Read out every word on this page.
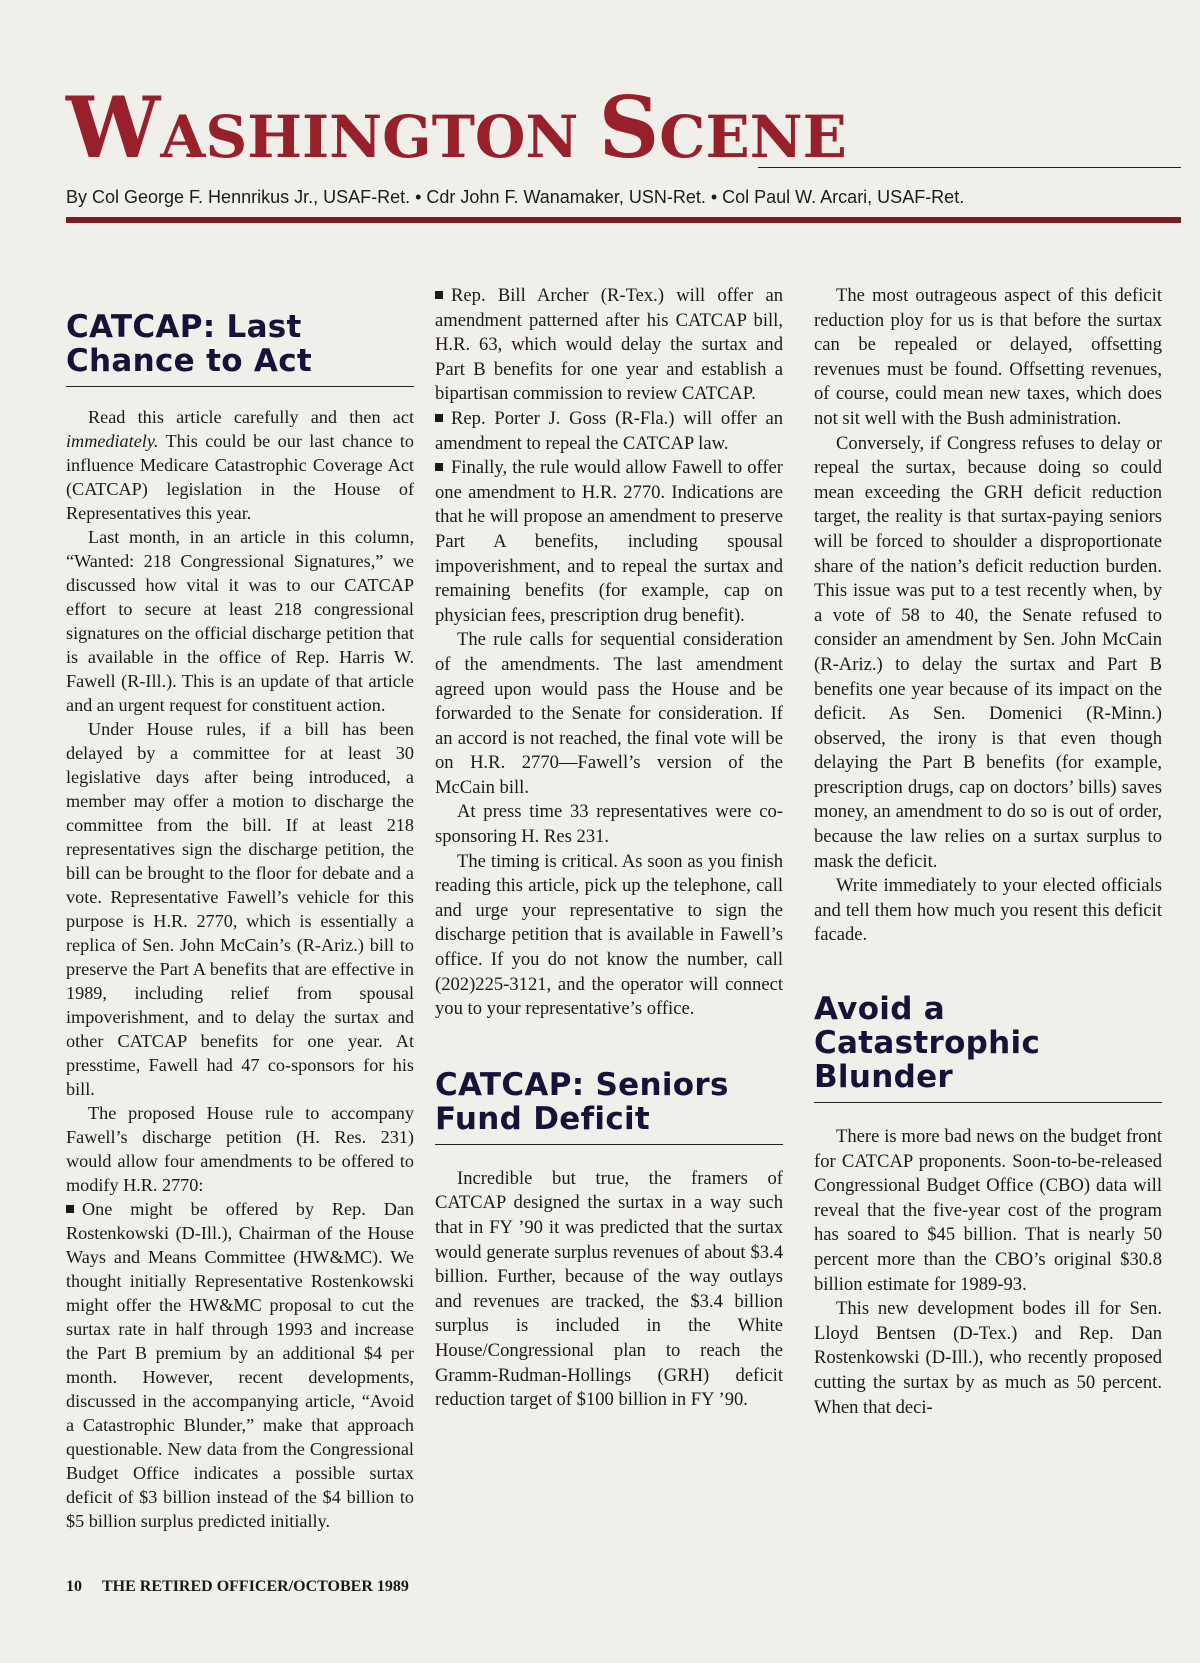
WASHINGTON SCENE
By Col George F. Hennrikus Jr., USAF-Ret. • Cdr John F. Wanamaker, USN-Ret. • Col Paul W. Arcari, USAF-Ret.
CATCAP: Last Chance to Act

Read this article carefully and then act immediately. This could be our last chance to influence Medicare Catastrophic Coverage Act (CATCAP) legislation in the House of Representatives this year.

Last month, in an article in this column, “Wanted: 218 Congressional Signatures,” we discussed how vital it was to our CATCAP effort to secure at least 218 congressional signatures on the official discharge petition that is available in the office of Rep. Harris W. Fawell (R-Ill.). This is an update of that article and an urgent request for constituent action.

Under House rules, if a bill has been delayed by a committee for at least 30 legislative days after being introduced, a member may offer a motion to discharge the committee from the bill. If at least 218 representatives sign the discharge petition, the bill can be brought to the floor for debate and a vote. Representative Fawell’s vehicle for this purpose is H.R. 2770, which is essentially a replica of Sen. John McCain’s (R-Ariz.) bill to preserve the Part A benefits that are effective in 1989, including relief from spousal impoverishment, and to delay the surtax and other CATCAP benefits for one year. At presstime, Fawell had 47 co-sponsors for his bill.

The proposed House rule to accompany Fawell’s discharge petition (H. Res. 231) would allow four amendments to be offered to modify H.R. 2770:

One might be offered by Rep. Dan Rostenkowski (D-Ill.), Chairman of the House Ways and Means Committee (HW&MC). We thought initially Representative Rostenkowski might offer the HW&MC proposal to cut the surtax rate in half through 1993 and increase the Part B premium by an additional $4 per month. However, recent developments, discussed in the accompanying article, “Avoid a Catastrophic Blunder,” make that approach questionable. New data from the Congressional Budget Office indicates a possible surtax deficit of $3 billion instead of the $4 billion to $5 billion surplus predicted initially.

Rep. Bill Archer (R-Tex.) will offer an amendment patterned after his CATCAP bill, H.R. 63, which would delay the surtax and Part B benefits for one year and establish a bipartisan commission to review CATCAP.

Rep. Porter J. Goss (R-Fla.) will offer an amendment to repeal the CATCAP law.

Finally, the rule would allow Fawell to offer one amendment to H.R. 2770. Indications are that he will propose an amendment to preserve Part A benefits, including spousal impoverishment, and to repeal the surtax and remaining benefits (for example, cap on physician fees, prescription drug benefit).

The rule calls for sequential consideration of the amendments. The last amendment agreed upon would pass the House and be forwarded to the Senate for consideration. If an accord is not reached, the final vote will be on H.R. 2770—Fawell’s version of the McCain bill.

At press time 33 representatives were co-sponsoring H. Res 231.

The timing is critical. As soon as you finish reading this article, pick up the telephone, call and urge your representative to sign the discharge petition that is available in Fawell’s office. If you do not know the number, call (202)225-3121, and the operator will connect you to your representative’s office.

CATCAP: Seniors Fund Deficit

Incredible but true, the framers of CATCAP designed the surtax in a way such that in FY ’90 it was predicted that the surtax would generate surplus revenues of about $3.4 billion. Further, because of the way outlays and revenues are tracked, the $3.4 billion surplus is included in the White House/Congressional plan to reach the Gramm-Rudman-Hollings (GRH) deficit reduction target of $100 billion in FY ’90.

The most outrageous aspect of this deficit reduction ploy for us is that before the surtax can be repealed or delayed, offsetting revenues must be found. Offsetting revenues, of course, could mean new taxes, which does not sit well with the Bush administration.

Conversely, if Congress refuses to delay or repeal the surtax, because doing so could mean exceeding the GRH deficit reduction target, the reality is that surtax-paying seniors will be forced to shoulder a disproportionate share of the nation’s deficit reduction burden. This issue was put to a test recently when, by a vote of 58 to 40, the Senate refused to consider an amendment by Sen. John McCain (R-Ariz.) to delay the surtax and Part B benefits one year because of its impact on the deficit. As Sen. Domenici (R-Minn.) observed, the irony is that even though delaying the Part B benefits (for example, prescription drugs, cap on doctors’ bills) saves money, an amendment to do so is out of order, because the law relies on a surtax surplus to mask the deficit.

Write immediately to your elected officials and tell them how much you resent this deficit facade.

Avoid a Catastrophic Blunder

There is more bad news on the budget front for CATCAP proponents. Soon-to-be-released Congressional Budget Office (CBO) data will reveal that the five-year cost of the program has soared to $45 billion. That is nearly 50 percent more than the CBO’s original $30.8 billion estimate for 1989-93.

This new development bodes ill for Sen. Lloyd Bentsen (D-Tex.) and Rep. Dan Rostenkowski (D-Ill.), who recently proposed cutting the surtax by as much as 50 percent. When that deci-

10 THE RETIRED OFFICER/OCTOBER 1989
